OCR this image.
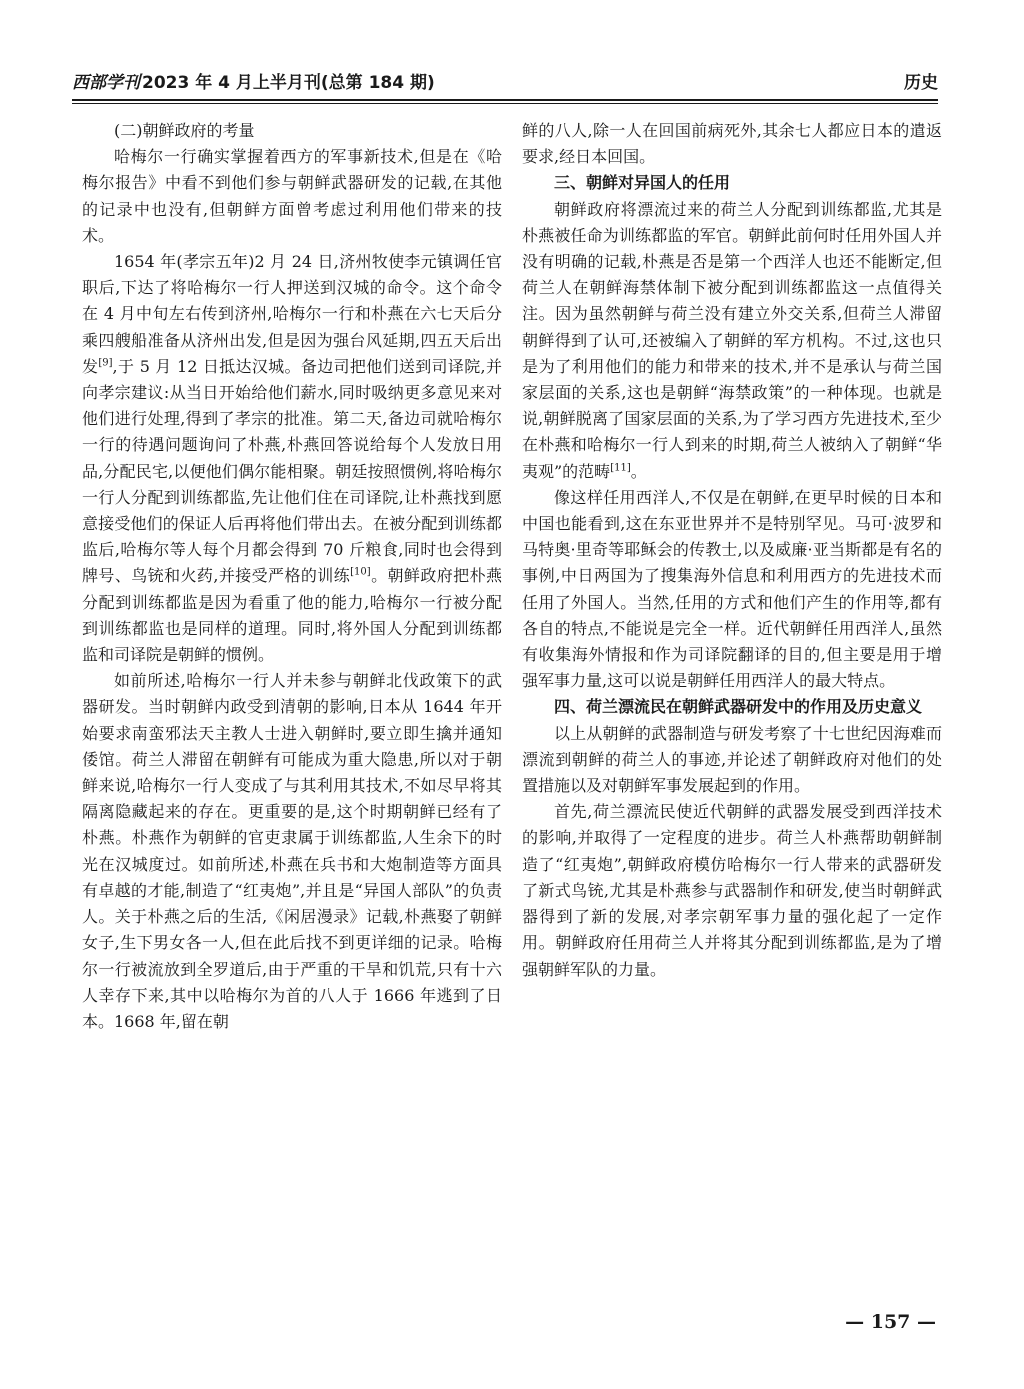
西部学刊 2023 年 4 月上半月刊(总第 184 期)	历史
(二)朝鲜政府的考量

哈梅尔一行确实掌握着西方的军事新技术,但是在《哈梅尔报告》中看不到他们参与朝鲜武器研发的记载,在其他的记录中也没有,但朝鲜方面曾考虑过利用他们带来的技术。

1654 年(孝宗五年)2 月 24 日,济州牧使李元镇调任官职后,下达了将哈梅尔一行人押送到汉城的命令。这个命令在 4 月中旬左右传到济州,哈梅尔一行和朴燕在六七天后分乘四艘船准备从济州出发,但是因为强台风延期,四五天后出发[9],于 5 月 12 日抵达汉城。备边司把他们送到司译院,并向孝宗建议:从当日开始给他们薪水,同时吸纳更多意见来对他们进行处理,得到了孝宗的批准。第二天,备边司就哈梅尔一行的待遇问题询问了朴燕,朴燕回答说给每个人发放日用品,分配民宅,以便他们偶尔能相聚。朝廷按照惯例,将哈梅尔一行人分配到训练都监,先让他们住在司译院,让朴燕找到愿意接受他们的保证人后再将他们带出去。在被分配到训练都监后,哈梅尔等人每个月都会得到 70 斤粮食,同时也会得到牌号、鸟铳和火药,并接受严格的训练[10]。朝鲜政府把朴燕分配到训练都监是因为看重了他的能力,哈梅尔一行被分配到训练都监也是同样的道理。同时,将外国人分配到训练都监和司译院是朝鲜的惯例。

如前所述,哈梅尔一行人并未参与朝鲜北伐政策下的武器研发。当时朝鲜内政受到清朝的影响,日本从 1644 年开始要求南蛮邪法天主教人士进入朝鲜时,要立即生擒并通知倭馆。荷兰人滞留在朝鲜有可能成为重大隐患,所以对于朝鲜来说,哈梅尔一行人变成了与其利用其技术,不如尽早将其隔离隐藏起来的存在。更重要的是,这个时期朝鲜已经有了朴燕。朴燕作为朝鲜的官吏隶属于训练都监,人生余下的时光在汉城度过。如前所述,朴燕在兵书和大炮制造等方面具有卓越的才能,制造了“红夷炮”,并且是“异国人部队”的负责人。关于朴燕之后的生活,《闲居漫录》记载,朴燕娶了朝鲜女子,生下男女各一人,但在此后找不到更详细的记录。哈梅尔一行被流放到全罗道后,由于严重的干旱和饥荒,只有十六人幸存下来,其中以哈梅尔为首的八人于 1666 年逃到了日本。1668 年,留在朝

鲜的八人,除一人在回国前病死外,其余七人都应日本的遣返要求,经日本回国。

三、朝鲜对异国人的任用

朝鲜政府将漂流过来的荷兰人分配到训练都监,尤其是朴燕被任命为训练都监的军官。朝鲜此前何时任用外国人并没有明确的记载,朴燕是否是第一个西洋人也还不能断定,但荷兰人在朝鲜海禁体制下被分配到训练都监这一点值得关注。因为虽然朝鲜与荷兰没有建立外交关系,但荷兰人滞留朝鲜得到了认可,还被编入了朝鲜的军方机构。不过,这也只是为了利用他们的能力和带来的技术,并不是承认与荷兰国家层面的关系,这也是朝鲜“海禁政策”的一种体现。也就是说,朝鲜脱离了国家层面的关系,为了学习西方先进技术,至少在朴燕和哈梅尔一行人到来的时期,荷兰人被纳入了朝鲜“华夷观”的范畴[11]。

像这样任用西洋人,不仅是在朝鲜,在更早时候的日本和中国也能看到,这在东亚世界并不是特别罕见。马可·波罗和马特奥·里奇等耶稣会的传教士,以及威廉·亚当斯都是有名的事例,中日两国为了搜集海外信息和利用西方的先进技术而任用了外国人。当然,任用的方式和他们产生的作用等,都有各自的特点,不能说是完全一样。近代朝鲜任用西洋人,虽然有收集海外情报和作为司译院翻译的目的,但主要是用于增强军事力量,这可以说是朝鲜任用西洋人的最大特点。

四、荷兰漂流民在朝鲜武器研发中的作用及历史意义

以上从朝鲜的武器制造与研发考察了十七世纪因海难而漂流到朝鲜的荷兰人的事迹,并论述了朝鲜政府对他们的处置措施以及对朝鲜军事发展起到的作用。

首先,荷兰漂流民使近代朝鲜的武器发展受到西洋技术的影响,并取得了一定程度的进步。荷兰人朴燕帮助朝鲜制造了“红夷炮”,朝鲜政府模仿哈梅尔一行人带来的武器研发了新式鸟铳,尤其是朴燕参与武器制作和研发,使当时朝鲜武器得到了新的发展,对孝宗朝军事力量的强化起了一定作用。朝鲜政府任用荷兰人并将其分配到训练都监,是为了增强朝鲜军队的力量。

— 157 —
